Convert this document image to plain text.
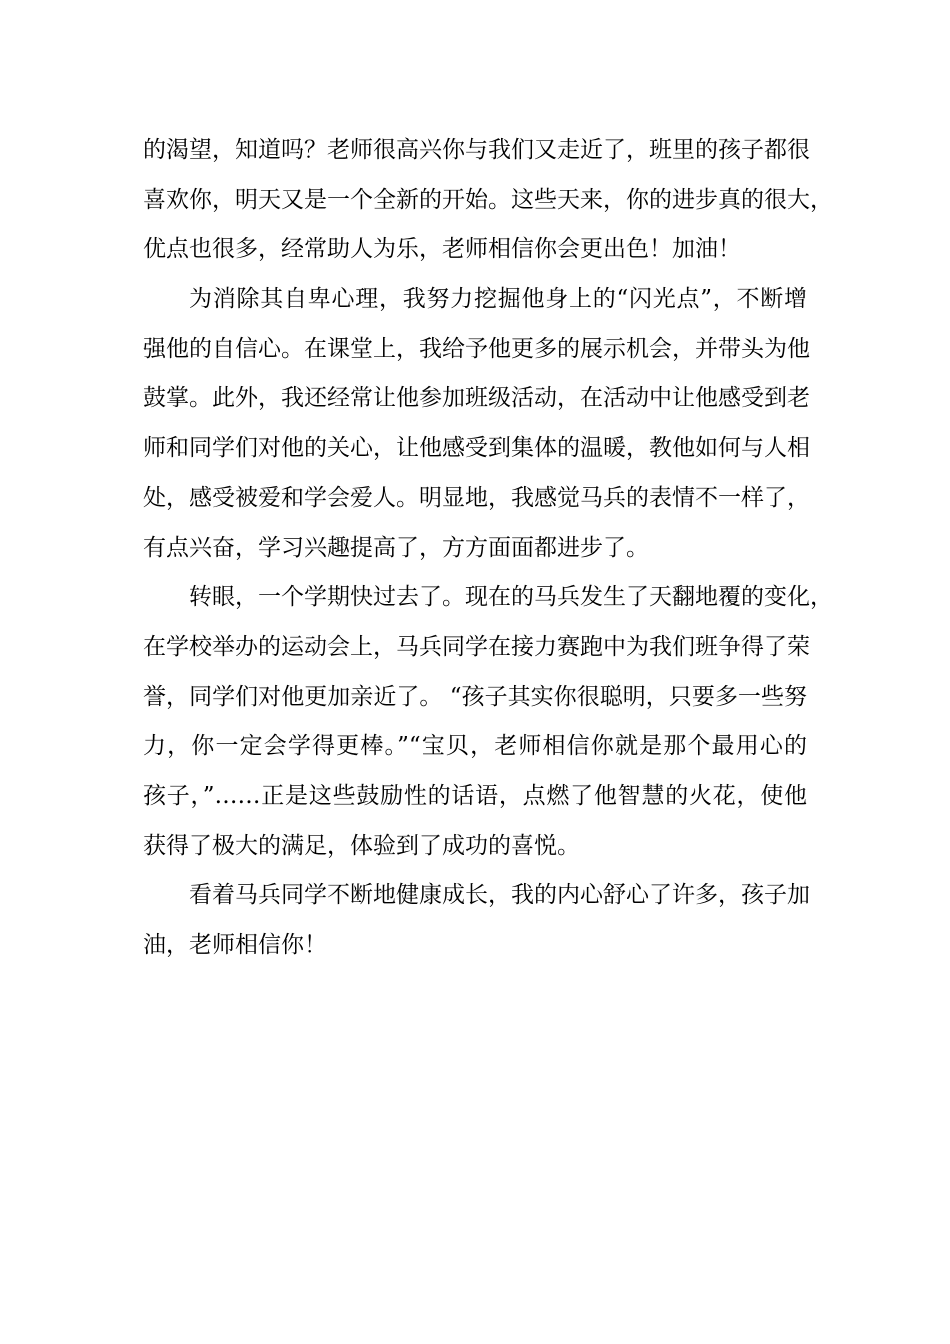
的渴望，知道吗？老师很高兴你与我们又走近了，班里的孩子都很
喜欢你，明天又是一个全新的开始。这些天来，你的进步真的很大，
优点也很多，经常助人为乐，老师相信你会更出色！加油！
为消除其自卑心理，我努力挖掘他身上的“闪光点”，不断增
强他的自信心。在课堂上，我给予他更多的展示机会，并带头为他
鼓掌。此外，我还经常让他参加班级活动，在活动中让他感受到老
师和同学们对他的关心，让他感受到集体的温暖，教他如何与人相
处，感受被爱和学会爱人。明显地，我感觉马兵的表情不一样了，
有点兴奋，学习兴趣提高了，方方面面都进步了。
转眼，一个学期快过去了。现在的马兵发生了天翻地覆的变化，
在学校举办的运动会上，马兵同学在接力赛跑中为我们班争得了荣
誉，同学们对他更加亲近了。 “孩子其实你很聪明，只要多一些努
力，你一定会学得更棒。”“宝贝，老师相信你就是那个最用心的
孩子，”……正是这些鼓励性的话语，点燃了他智慧的火花，使他
获得了极大的满足，体验到了成功的喜悦。
看着马兵同学不断地健康成长，我的内心舒心了许多，孩子加
油，老师相信你！
